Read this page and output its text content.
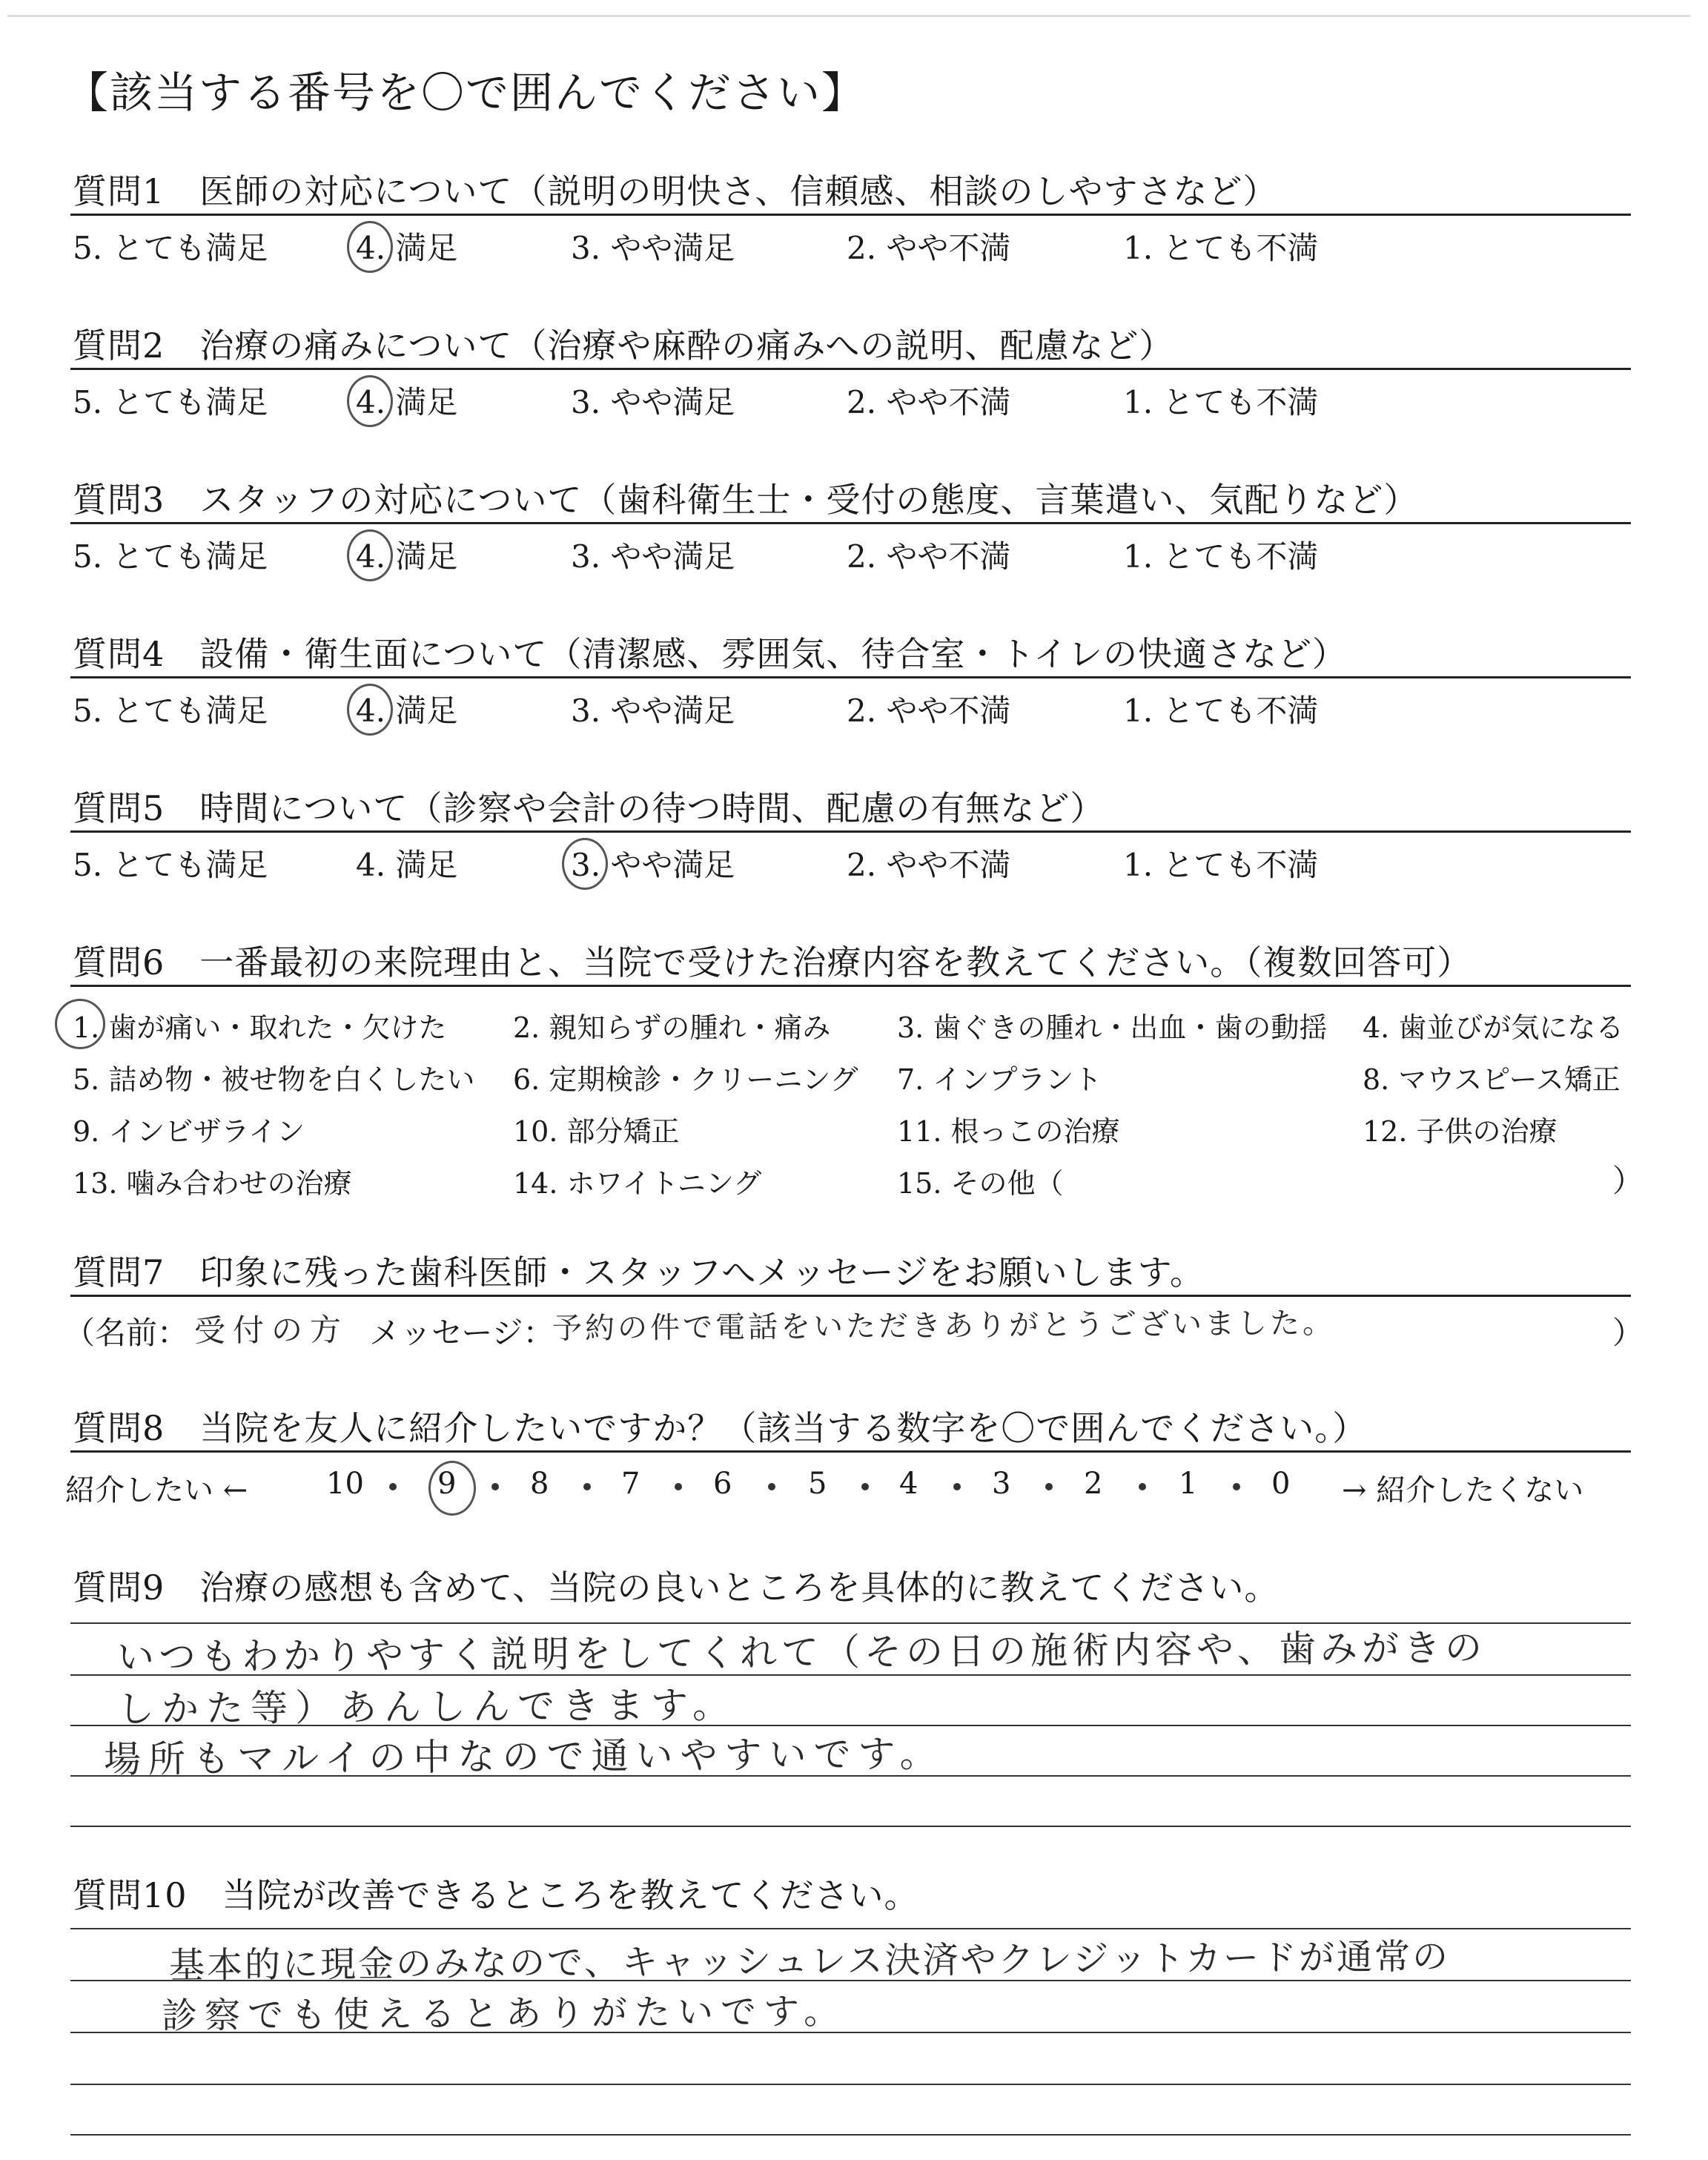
【該当する番号を〇で囲んでください】
質問1　医師の対応について（説明の明快さ、信頼感、相談のしやすさなど）
5. とても満足	4. 満足	3. やや満足	2. やや不満	1. とても不満
質問2　治療の痛みについて（治療や麻酔の痛みへの説明、配慮など）
5. とても満足	4. 満足	3. やや満足	2. やや不満	1. とても不満
質問3　スタッフの対応について（歯科衛生士・受付の態度、言葉遣い、気配りなど）
5. とても満足	4. 満足	3. やや満足	2. やや不満	1. とても不満
質問4　設備・衛生面について（清潔感、雰囲気、待合室・トイレの快適さなど）
5. とても満足	4. 満足	3. やや満足	2. やや不満	1. とても不満
質問5　時間について（診察や会計の待つ時間、配慮の有無など）
5. とても満足	4. 満足	3. やや満足	2. やや不満	1. とても不満
質問6　一番最初の来院理由と、当院で受けた治療内容を教えてください。（複数回答可）
1. 歯が痛い・取れた・欠けた 2. 親知らずの腫れ・痛み 3. 歯ぐきの腫れ・出血・歯の動揺 4. 歯並びが気になる
5. 詰め物・被せ物を白くしたい 6. 定期検診・クリーニング 7. インプラント	8. マウスピース矯正
9. インビザライン	10. 部分矯正	11. 根っこの治療	12. 子供の治療
13. 噛み合わせの治療	14. ホワイトニング	15. その他（	）
質問7　印象に残った歯科医師・スタッフへメッセージをお願いします。
（名前： 受付の方 メッセージ：
予約の件で電話をいただきありがとうございました。	）
質問8　当院を友人に紹介したいですか？（該当する数字を〇で囲んでください。）
紹介したい ←	→ 紹介したくない
10 9 8 7 6	5 4 3 2	1 0
質問9　治療の感想も含めて、当院の良いところを具体的に教えてください。
いつもわかりやすく説明をしてくれて（その日の施術内容や、歯みがきの
しかた等）あんしんできます。
場所もマルイの中なので通いやすいです。
質問10　当院が改善できるところを教えてください。
基本的に現金のみなので、キャッシュレス決済やクレジットカードが通常の
診察でも使えるとありがたいです。
